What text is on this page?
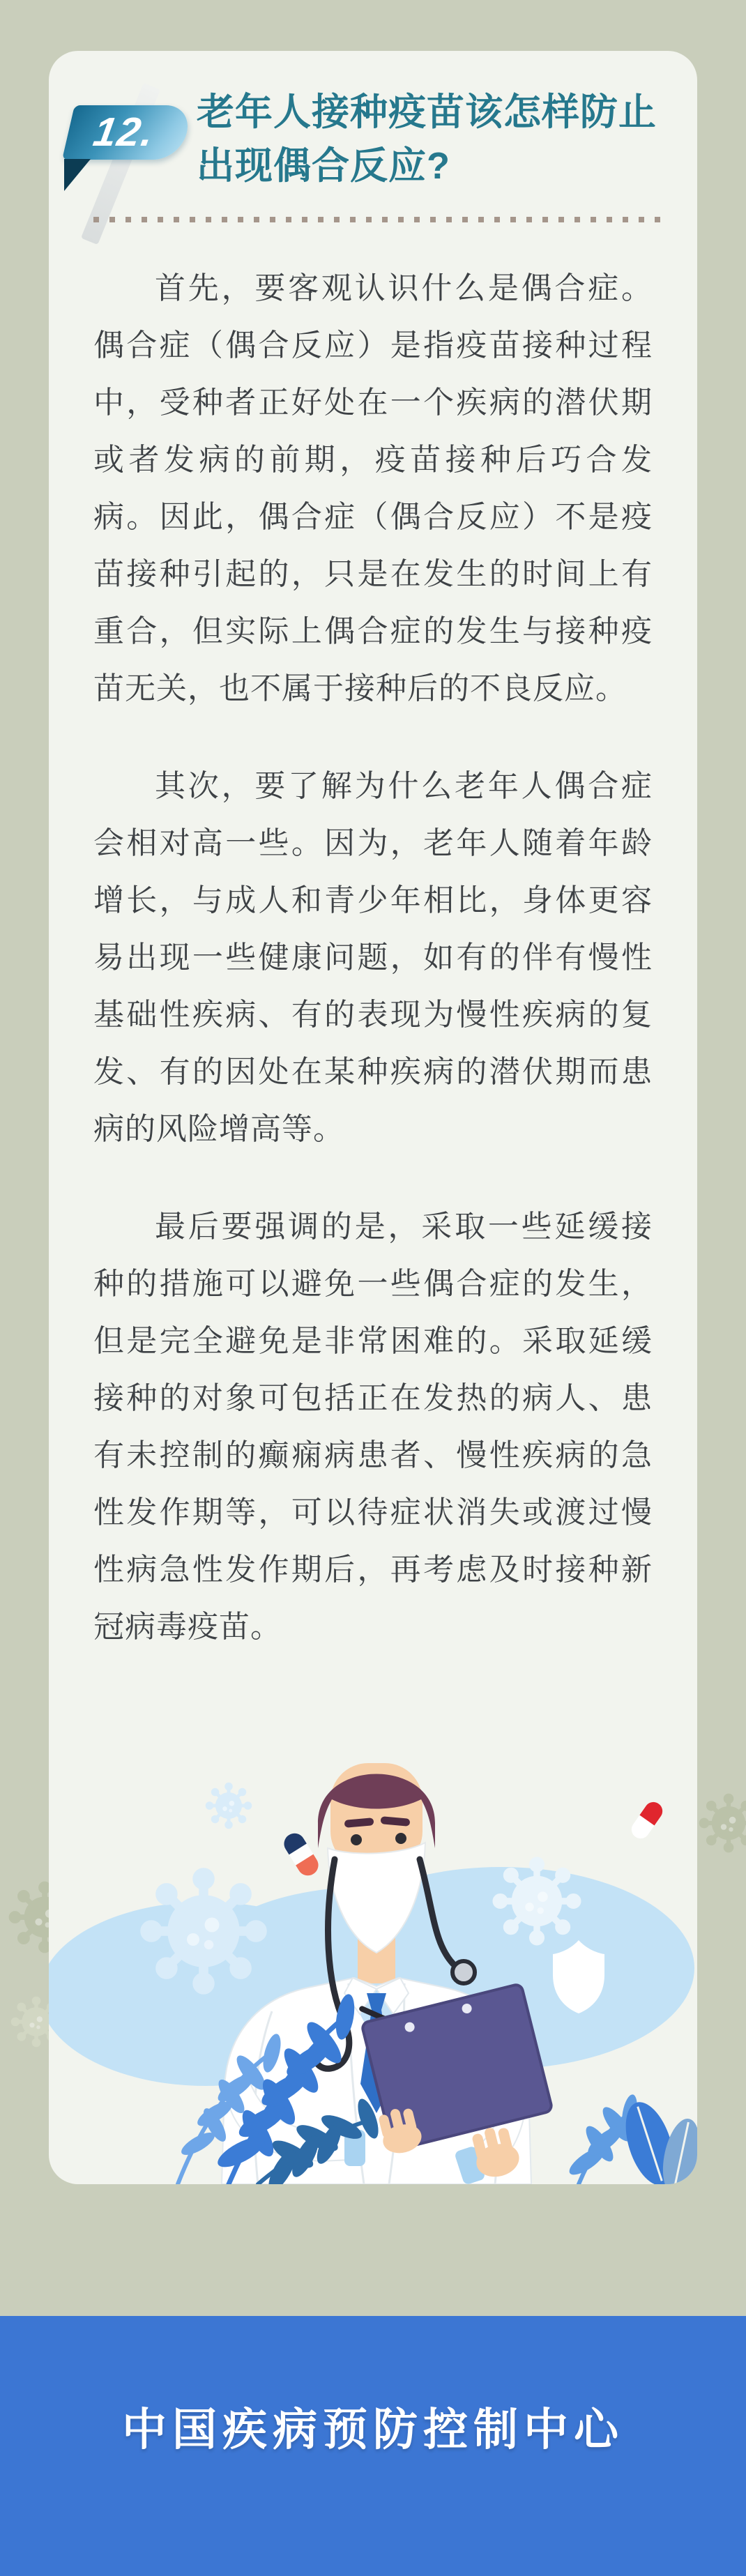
12.	老年人接种疫苗该怎样防止
出现偶合反应?

首先，要客观认识什么是偶合症。偶合症（偶合反应）是指疫苗接种过程中，受种者正好处在一个疾病的潜伏期或者发病的前期，疫苗接种后巧合发病。因此，偶合症（偶合反应）不是疫苗接种引起的，只是在发生的时间上有重合，但实际上偶合症的发生与接种疫苗无关，也不属于接种后的不良反应。

其次，要了解为什么老年人偶合症会相对高一些。因为，老年人随着年龄增长，与成人和青少年相比，身体更容易出现一些健康问题，如有的伴有慢性基础性疾病、有的表现为慢性疾病的复发、有的因处在某种疾病的潜伏期而患病的风险增高等。

最后要强调的是，采取一些延缓接种的措施可以避免一些偶合症的发生，但是完全避免是非常困难的。采取延缓接种的对象可包括正在发热的病人、患有未控制的癫痫病患者、慢性疾病的急性发作期等，可以待症状消失或渡过慢性病急性发作期后，再考虑及时接种新冠病毒疫苗。

中国疾病预防控制中心
